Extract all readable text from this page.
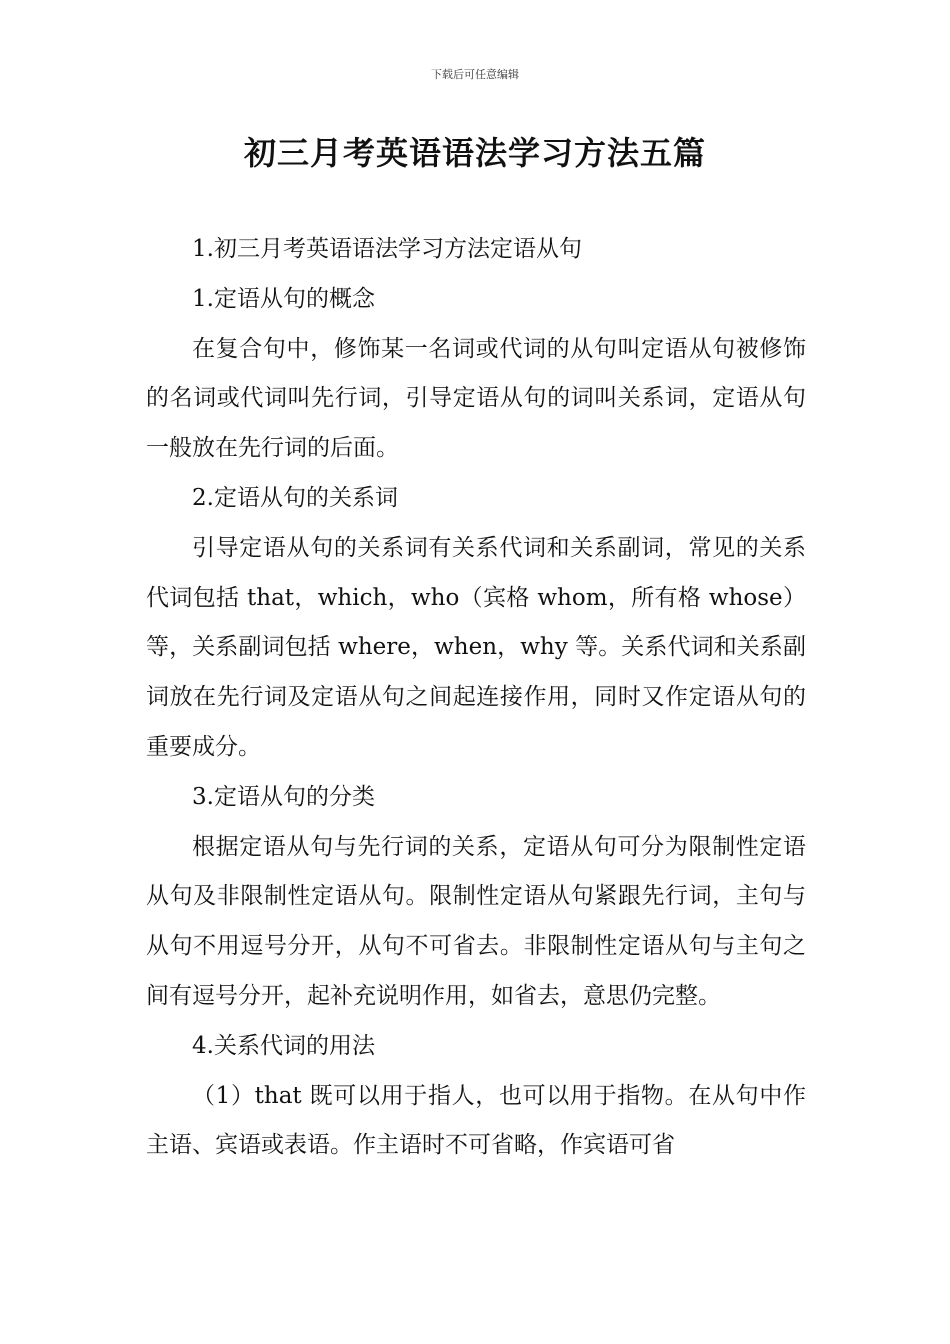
下载后可任意编辑
初三月考英语语法学习方法五篇

1.初三月考英语语法学习方法定语从句

1.定语从句的概念

在复合句中，修饰某一名词或代词的从句叫定语从句被修饰的名词或代词叫先行词，引导定语从句的词叫关系词，定语从句一般放在先行词的后面。

2.定语从句的关系词

引导定语从句的关系词有关系代词和关系副词，常见的关系代词包括 that，which，who（宾格 whom，所有格 whose）等，关系副词包括 where，when，why 等。关系代词和关系副词放在先行词及定语从句之间起连接作用，同时又作定语从句的重要成分。

3.定语从句的分类

根据定语从句与先行词的关系，定语从句可分为限制性定语从句及非限制性定语从句。限制性定语从句紧跟先行词，主句与从句不用逗号分开，从句不可省去。非限制性定语从句与主句之间有逗号分开，起补充说明作用，如省去，意思仍完整。

4.关系代词的用法

（1）that 既可以用于指人，也可以用于指物。在从句中作主语、宾语或表语。作主语时不可省略，作宾语可省
